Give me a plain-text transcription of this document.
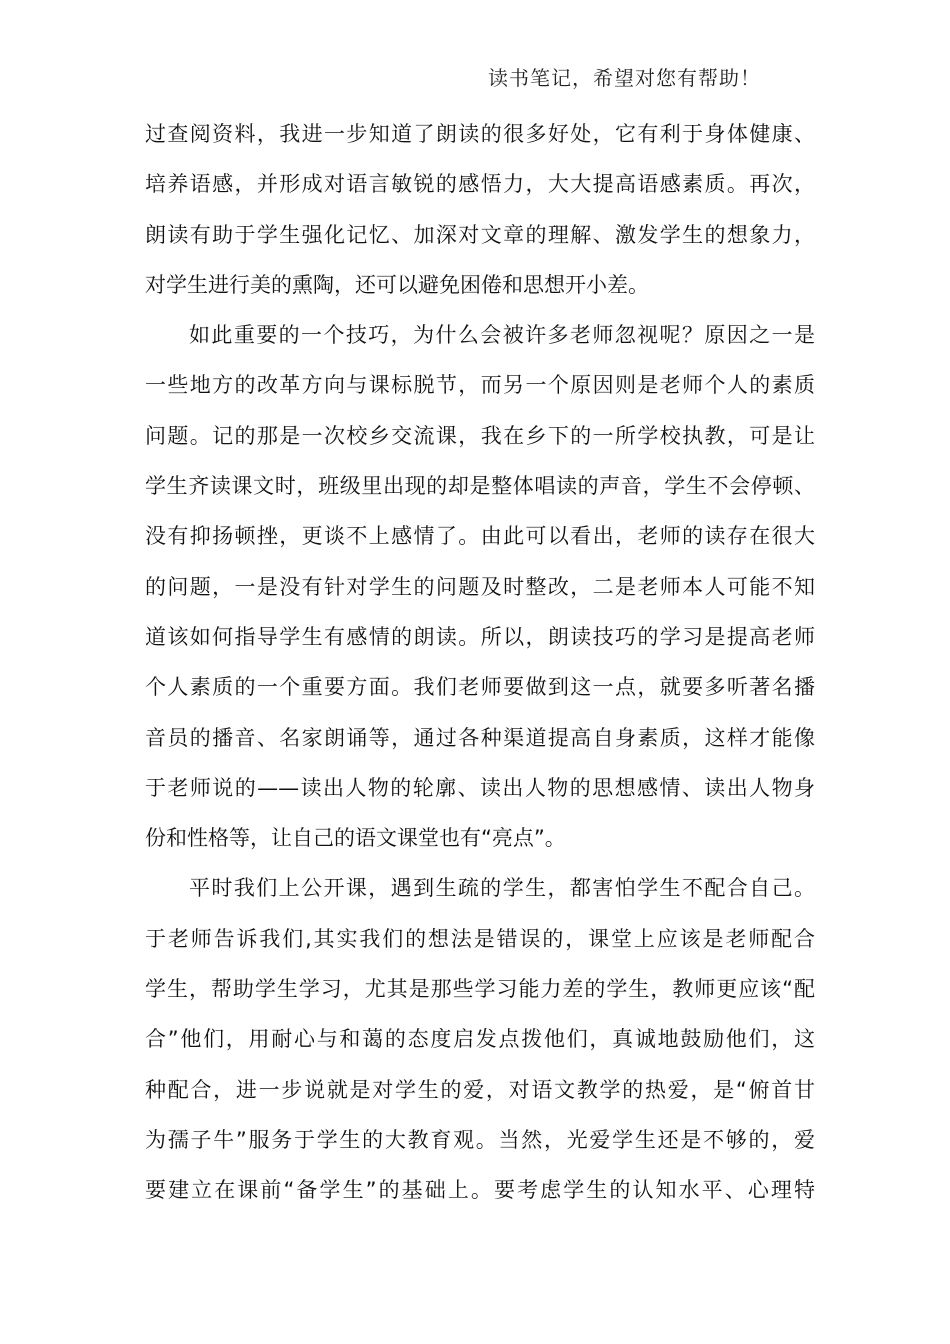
读书笔记，希望对您有帮助！
过查阅资料，我进一步知道了朗读的很多好处，它有利于身体健康、
培养语感，并形成对语言敏锐的感悟力，大大提高语感素质。再次，
朗读有助于学生强化记忆、加深对文章的理解、激发学生的想象力，
对学生进行美的熏陶，还可以避免困倦和思想开小差。
如此重要的一个技巧，为什么会被许多老师忽视呢？原因之一是
一些地方的改革方向与课标脱节，而另一个原因则是老师个人的素质
问题。记的那是一次校乡交流课，我在乡下的一所学校执教，可是让
学生齐读课文时，班级里出现的却是整体唱读的声音，学生不会停顿、
没有抑扬顿挫，更谈不上感情了。由此可以看出，老师的读存在很大
的问题，一是没有针对学生的问题及时整改，二是老师本人可能不知
道该如何指导学生有感情的朗读。所以，朗读技巧的学习是提高老师
个人素质的一个重要方面。我们老师要做到这一点，就要多听著名播
音员的播音、名家朗诵等，通过各种渠道提高自身素质，这样才能像
于老师说的——读出人物的轮廓、读出人物的思想感情、读出人物身
份和性格等，让自己的语文课堂也有“亮点”。
平时我们上公开课，遇到生疏的学生，都害怕学生不配合自己。
于老师告诉我们,其实我们的想法是错误的，课堂上应该是老师配合
学生，帮助学生学习，尤其是那些学习能力差的学生，教师更应该“配
合”他们，用耐心与和蔼的态度启发点拨他们，真诚地鼓励他们，这
种配合，进一步说就是对学生的爱，对语文教学的热爱，是“俯首甘
为孺子牛”服务于学生的大教育观。当然，光爱学生还是不够的，爱
要建立在课前“备学生”的基础上。要考虑学生的认知水平、心理特
